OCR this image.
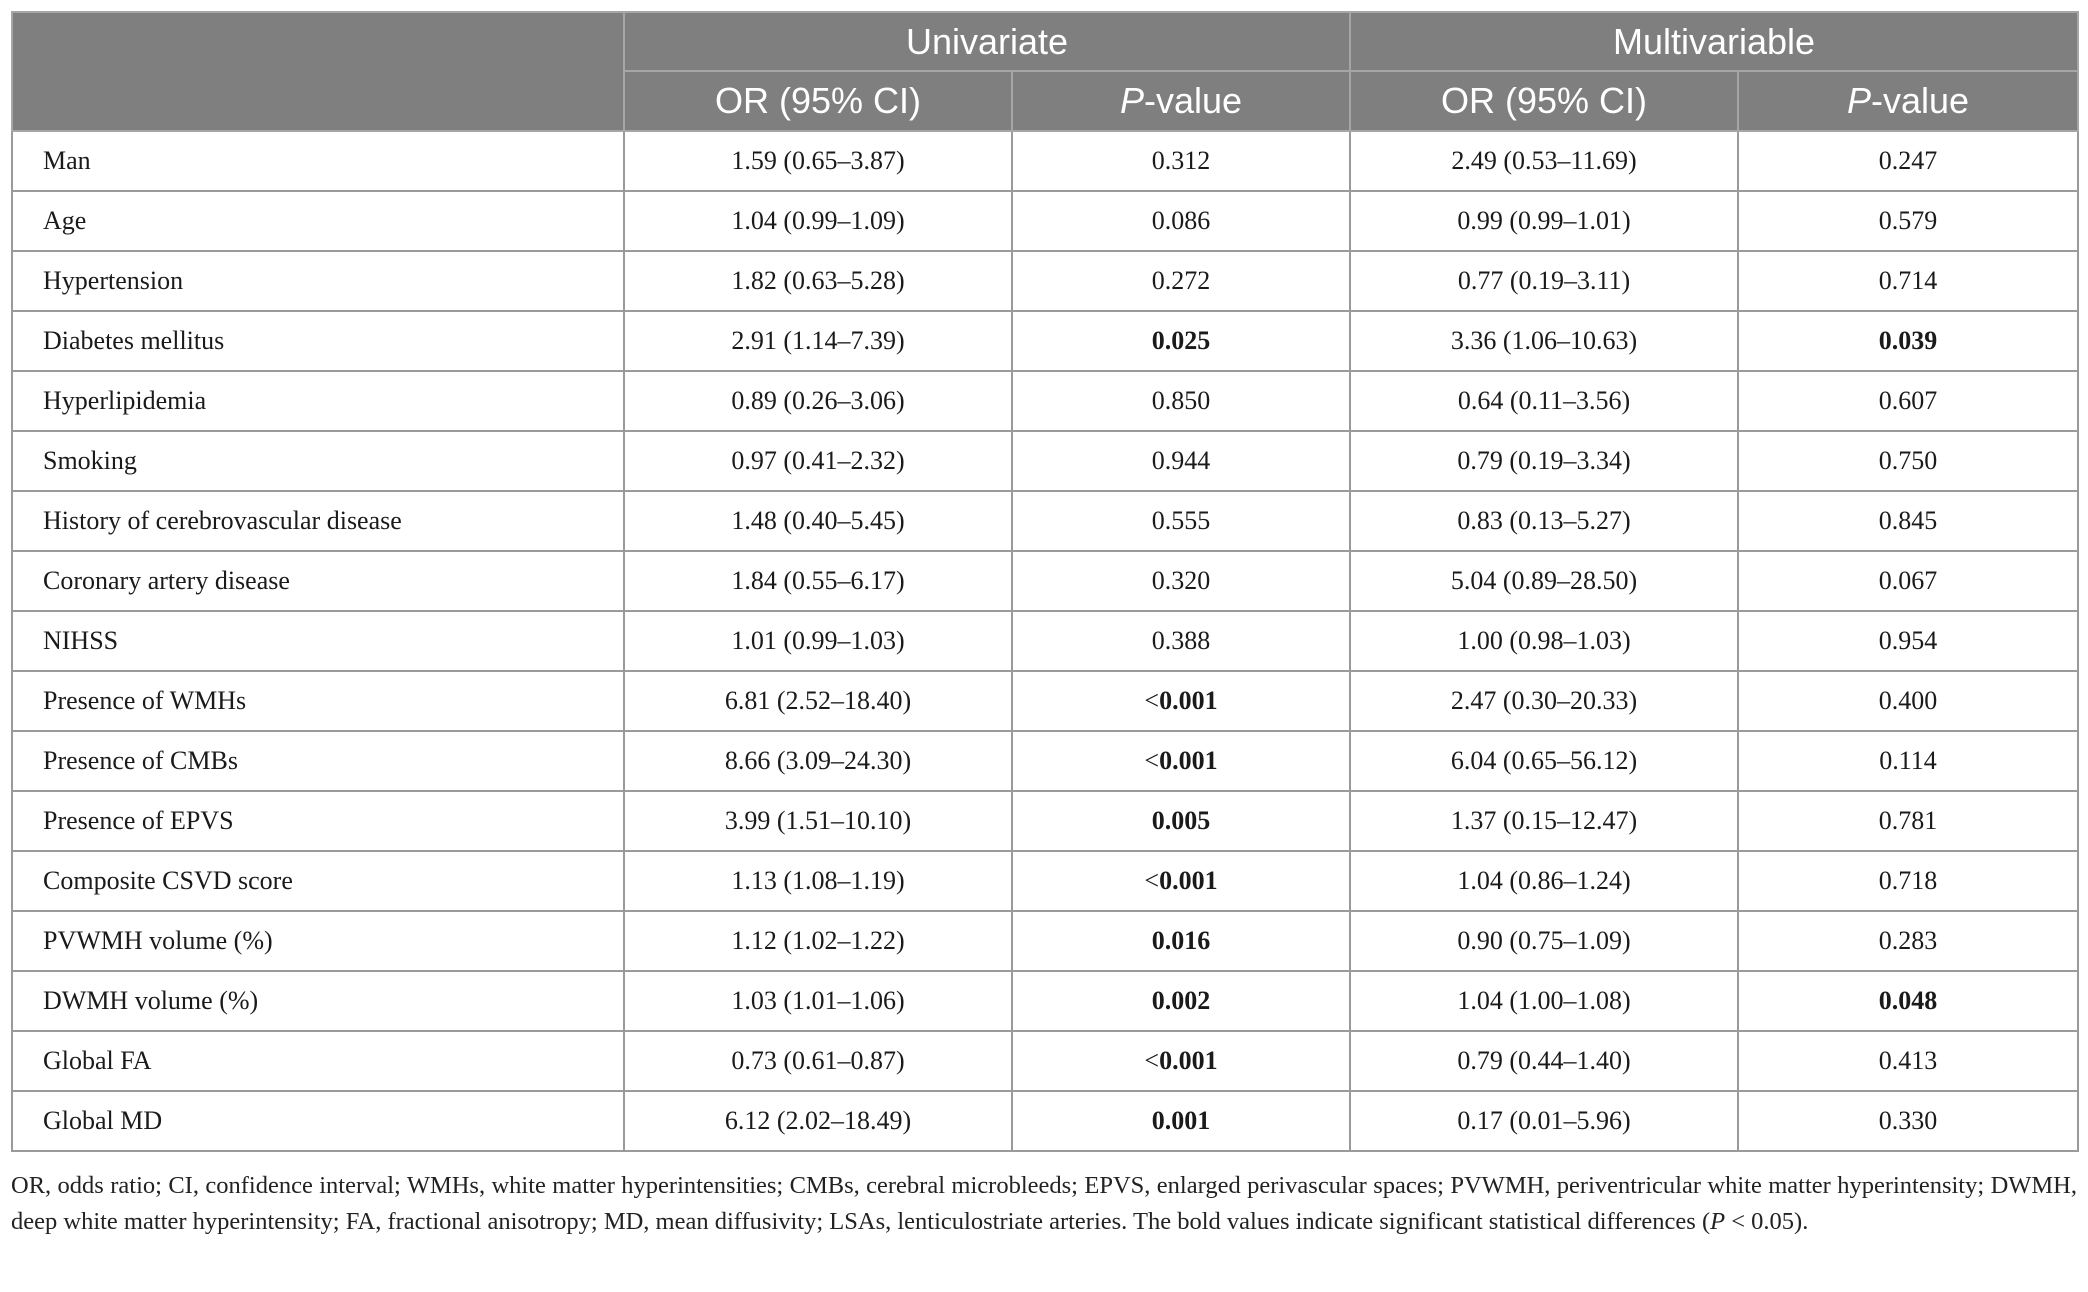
	Univariate		Multivariable	
	OR (95% CI)	P-value	OR (95% CI)	P-value
Man	1.59 (0.65–3.87)	0.312	2.49 (0.53–11.69)	0.247
Age	1.04 (0.99–1.09)	0.086	0.99 (0.99–1.01)	0.579
Hypertension	1.82 (0.63–5.28)	0.272	0.77 (0.19–3.11)	0.714
Diabetes mellitus	2.91 (1.14–7.39)	0.025	3.36 (1.06–10.63)	0.039
Hyperlipidemia	0.89 (0.26–3.06)	0.850	0.64 (0.11–3.56)	0.607
Smoking	0.97 (0.41–2.32)	0.944	0.79 (0.19–3.34)	0.750
History of cerebrovascular disease	1.48 (0.40–5.45)	0.555	0.83 (0.13–5.27)	0.845
Coronary artery disease	1.84 (0.55–6.17)	0.320	5.04 (0.89–28.50)	0.067
NIHSS	1.01 (0.99–1.03)	0.388	1.00 (0.98–1.03)	0.954
Presence of WMHs	6.81 (2.52–18.40)	<0.001	2.47 (0.30–20.33)	0.400
Presence of CMBs	8.66 (3.09–24.30)	<0.001	6.04 (0.65–56.12)	0.114
Presence of EPVS	3.99 (1.51–10.10)	0.005	1.37 (0.15–12.47)	0.781
Composite CSVD score	1.13 (1.08–1.19)	<0.001	1.04 (0.86–1.24)	0.718
PVWMH volume (%)	1.12 (1.02–1.22)	0.016	0.90 (0.75–1.09)	0.283
DWMH volume (%)	1.03 (1.01–1.06)	0.002	1.04 (1.00–1.08)	0.048
Global FA	0.73 (0.61–0.87)	<0.001	0.79 (0.44–1.40)	0.413
Global MD	6.12 (2.02–18.49)	0.001	0.17 (0.01–5.96)	0.330

OR, odds ratio; CI, confidence interval; WMHs, white matter hyperintensities; CMBs, cerebral microbleeds; EPVS, enlarged perivascular spaces; PVWMH, periventricular white matter hyperintensity; DWMH, deep white matter hyperintensity; FA, fractional anisotropy; MD, mean diffusivity; LSAs, lenticulostriate arteries. The bold values indicate significant statistical differences (P < 0.05).
